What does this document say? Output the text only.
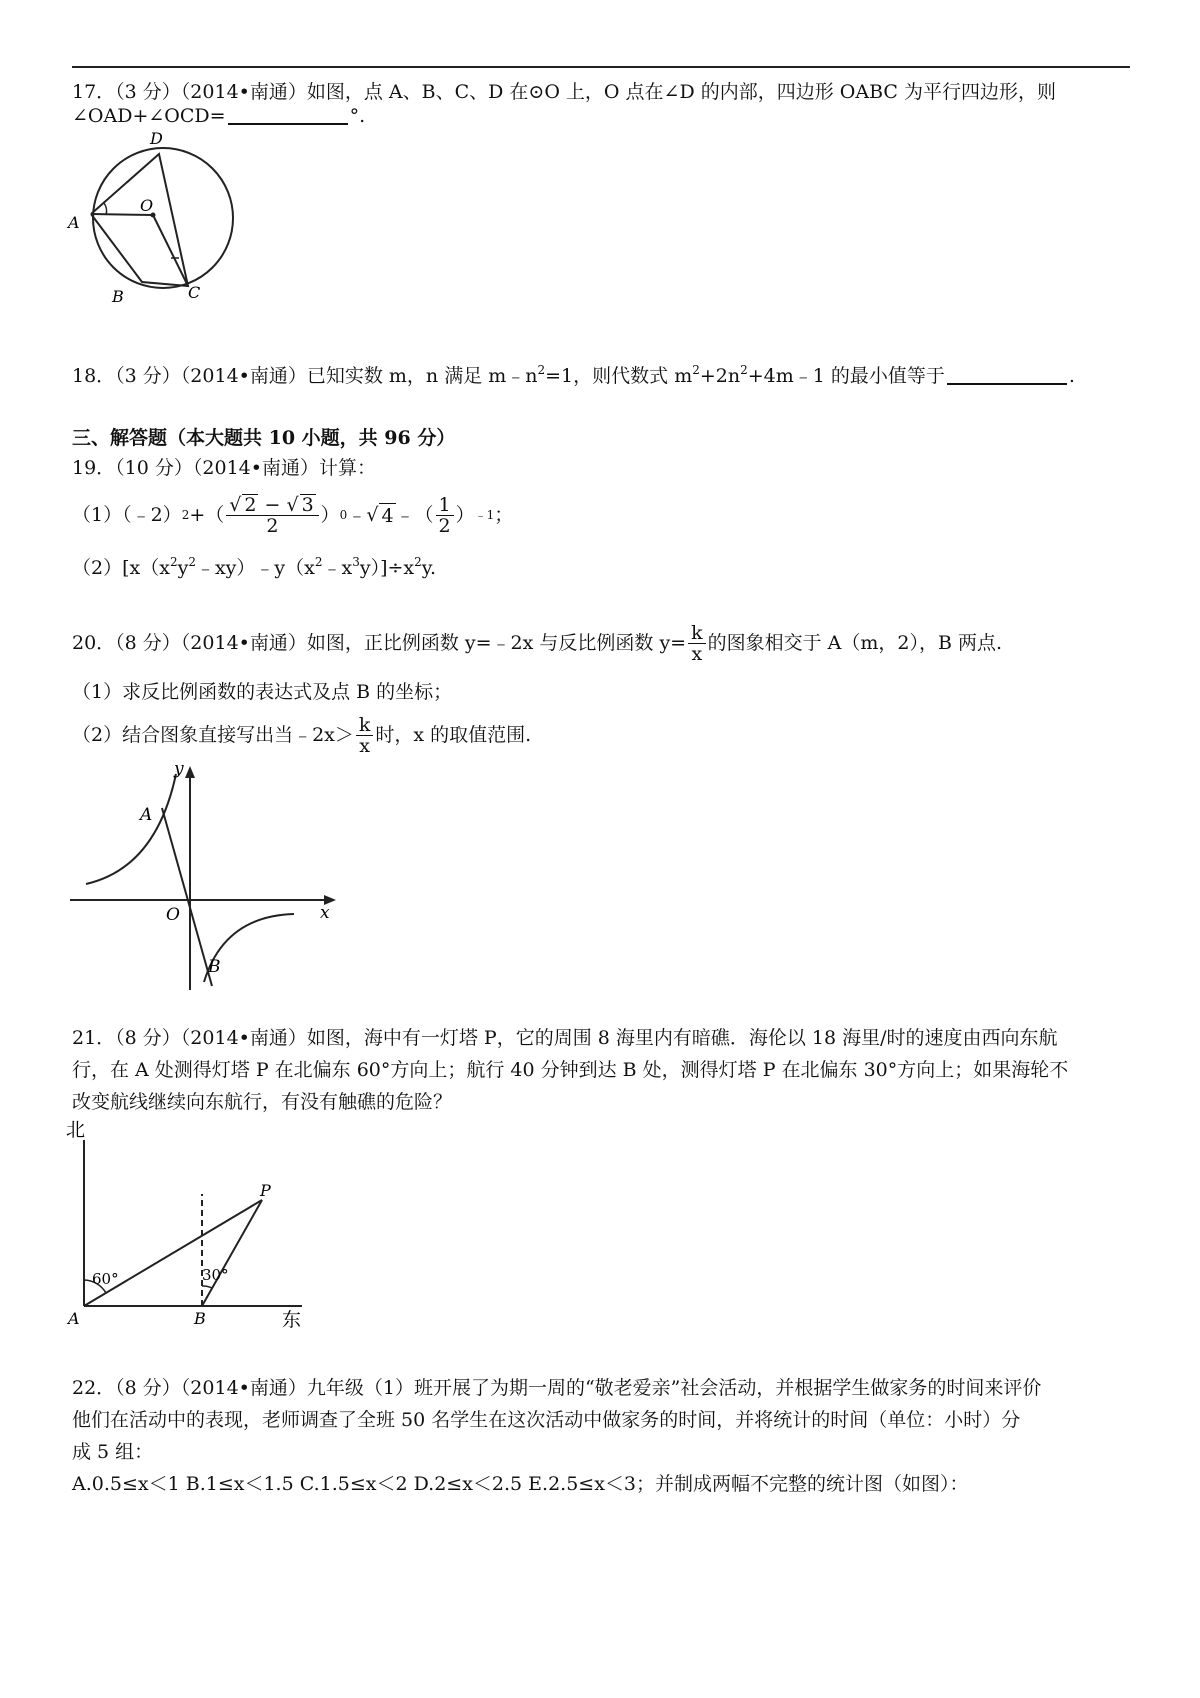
17．（3 分）（2014•南通）如图，点 A、B、C、D 在⊙O 上，O 点在∠D 的内部，四边形 OABC 为平行四边形，则
∠OAD+∠OCD=	°.
D
O
A
B	C
18．（3 分）（2014•南通）已知实数 m，n 满足 $m﹣n^2=1$，则代数式 $m^2+2n^2+4m﹣1$ 的最小值等于	.
三、解答题（本大题共 10 小题，共 96 分）
19．（10 分）（2014•南通）计算：
（1）（﹣2） 2 +（ $\frac{√ 2 - √ 3}{2}$ ） 0 ﹣ √ 4 ﹣（ $\frac{1}{2}$ ） ﹣1 ；
$(2)[x(x^2y^2﹣xy)﹣y(x^2﹣x^3y)]\div x^2y$.
20．（8 分）（2014•南通）如图，正比例函数 y=﹣2x 与反比例函数 $y= \frac{k}{x}$ 的图象相交于 A（m，2），B 两点.
（1）求反比例函数的表达式及点 B 的坐标；
（2）结合图象直接写出当﹣2x＞ $\frac{k}{x}$ 时，x 的取值范围.
y
A
O	x
B
21．（8 分）（2014•南通）如图，海中有一灯塔 P，它的周围 8 海里内有暗礁．海伦以 18 海里/时的速度由西向东航
行，在 A 处测得灯塔 P 在北偏东 60°方向上；航行 40 分钟到达 B 处，测得灯塔 P 在北偏东 30°方向上；如果海轮不
改变航线继续向东航行，有没有触礁的危险？
北
P
60°	30°
A	B	东
22．（8 分）（2014•南通）九年级（1）班开展了为期一周的“敬老爱亲”社会活动，并根据学生做家务的时间来评价
他们在活动中的表现，老师调查了全班 50 名学生在这次活动中做家务的时间，并将统计的时间（单位：小时）分
成 5 组：
A.0.5≤x＜1 B.1≤x＜1.5 C.1.5≤x＜2 D.2≤x＜2.5 E.2.5≤x＜3；并制成两幅不完整的统计图（如图）：
